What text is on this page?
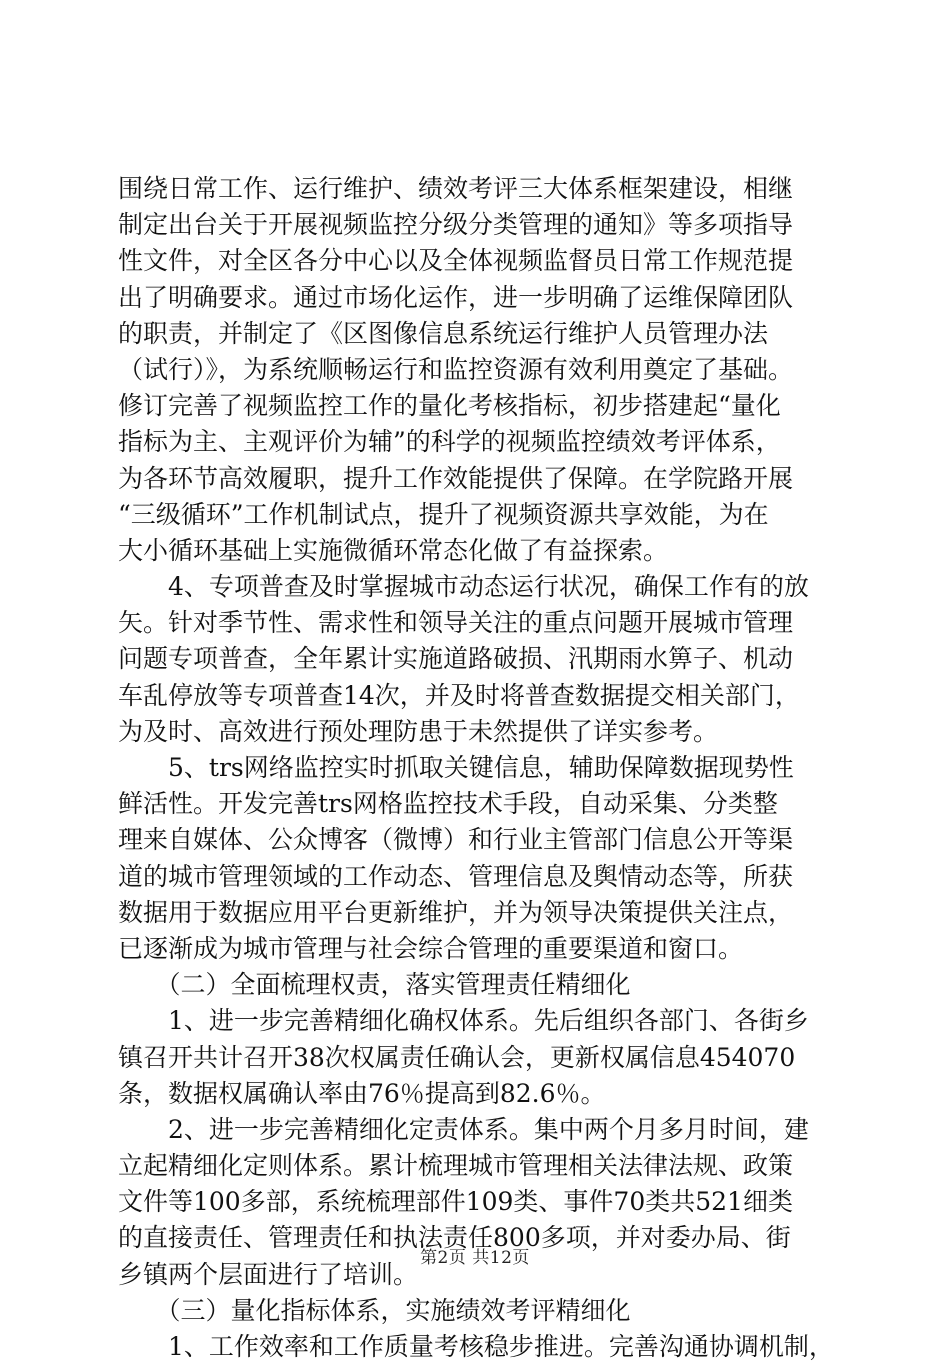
围绕日常工作、运行维护、绩效考评三大体系框架建设，相继
制定出台关于开展视频监控分级分类管理的通知》等多项指导
性文件，对全区各分中心以及全体视频监督员日常工作规范提
出了明确要求。通过市场化运作，进一步明确了运维保障团队
的职责，并制定了《区图像信息系统运行维护人员管理办法
（试行）》，为系统顺畅运行和监控资源有效利用奠定了基础。
修订完善了视频监控工作的量化考核指标，初步搭建起“量化
指标为主、主观评价为辅”的科学的视频监控绩效考评体系，
为各环节高效履职，提升工作效能提供了保障。在学院路开展
“三级循环”工作机制试点，提升了视频资源共享效能，为在
大小循环基础上实施微循环常态化做了有益探索。
　　4、专项普查及时掌握城市动态运行状况，确保工作有的放
矢。针对季节性、需求性和领导关注的重点问题开展城市管理
问题专项普查，全年累计实施道路破损、汛期雨水箅子、机动
车乱停放等专项普查14次，并及时将普查数据提交相关部门，
为及时、高效进行预处理防患于未然提供了详实参考。
　　5、trs网络监控实时抓取关键信息，辅助保障数据现势性
鲜活性。开发完善trs网格监控技术手段，自动采集、分类整
理来自媒体、公众博客（微博）和行业主管部门信息公开等渠
道的城市管理领域的工作动态、管理信息及舆情动态等，所获
数据用于数据应用平台更新维护，并为领导决策提供关注点，
已逐渐成为城市管理与社会综合管理的重要渠道和窗口。
　　（二）全面梳理权责，落实管理责任精细化
　　1、进一步完善精细化确权体系。先后组织各部门、各街乡
镇召开共计召开38次权属责任确认会，更新权属信息454070
条，数据权属确认率由76％提高到82.6％。
　　2、进一步完善精细化定责体系。集中两个月多月时间，建
立起精细化定则体系。累计梳理城市管理相关法律法规、政策
文件等100多部，系统梳理部件109类、事件70类共521细类
的直接责任、管理责任和执法责任800多项，并对委办局、街
乡镇两个层面进行了培训。
　　（三）量化指标体系，实施绩效考评精细化
　　1、工作效率和工作质量考核稳步推进。完善沟通协调机制，
第2页 共12页
